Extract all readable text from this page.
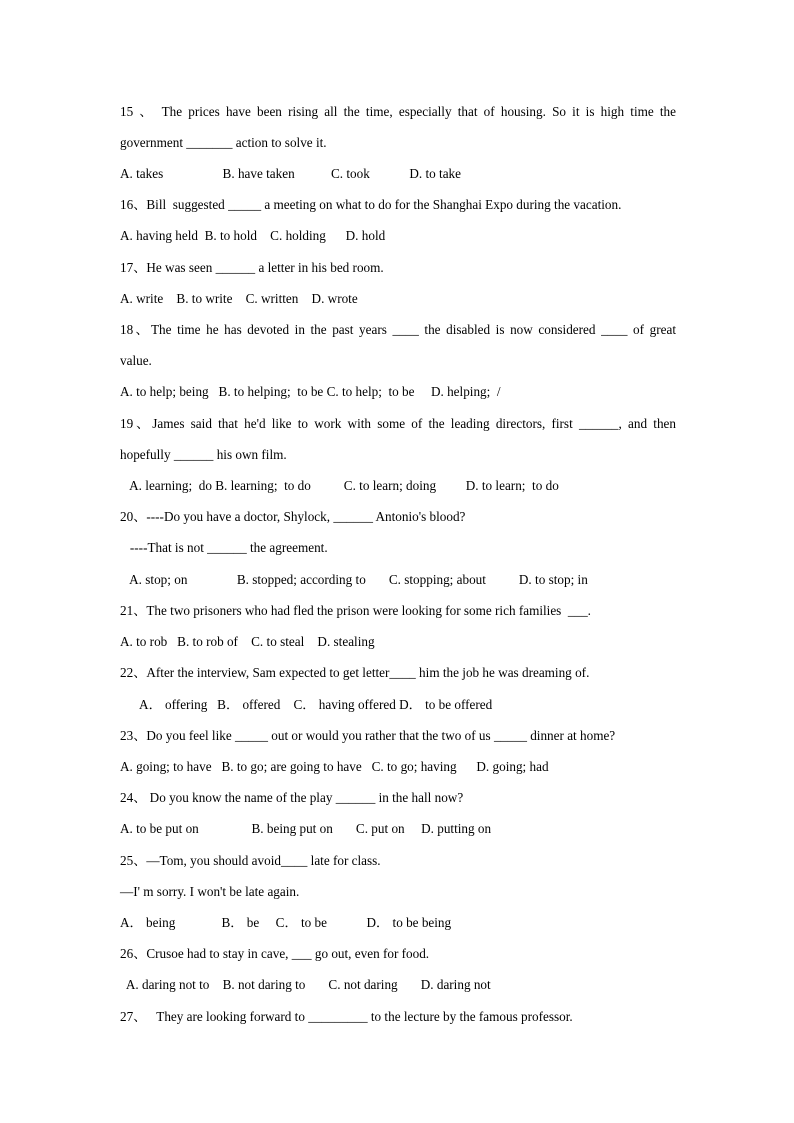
15 、 The prices have been rising all the time, especially that of housing. So it is high time the
government _______ action to solve it.
A. takes                  B. have taken           C. took            D. to take
16、Bill  suggested _____ a meeting on what to do for the Shanghai Expo during the vacation.
A. having held  B. to hold    C. holding      D. hold
17、He was seen ______ a letter in his bed room.
A. write    B. to write    C. written    D. wrote
18、The time he has devoted in the past years ____ the disabled is now considered ____ of great
value.
A. to help; being   B. to helping;  to be C. to help;  to be     D. helping;  /
19、James said that he'd like to work with some of the leading directors, first ______, and then
hopefully ______ his own film.
A. learning;  do B. learning;  to do          C. to learn; doing         D. to learn;  to do
20、----Do you have a doctor, Shylock, ______ Antonio's blood?
----That is not ______ the agreement.
A. stop; on               B. stopped; according to       C. stopping; about          D. to stop; in
21、The two prisoners who had fled the prison were looking for some rich families  ___.
A. to rob   B. to rob of    C. to steal    D. stealing
22、After the interview, Sam expected to get letter____ him the job he was dreaming of.
A． offering   B． offered    C． having offered D． to be offered
23、Do you feel like _____ out or would you rather that the two of us _____ dinner at home?
A. going; to have   B. to go; are going to have   C. to go; having      D. going; had
24、 Do you know the name of the play ______ in the hall now?
A. to be put on                B. being put on       C. put on     D. putting on
25、—Tom, you should avoid____ late for class.
—I' m sorry. I won't be late again.
A． being              B． be     C． to be            D． to be being
26、Crusoe had to stay in cave, ___ go out, even for food.
A. daring not to    B. not daring to       C. not daring       D. daring not
27、   They are looking forward to _________ to the lecture by the famous professor.
